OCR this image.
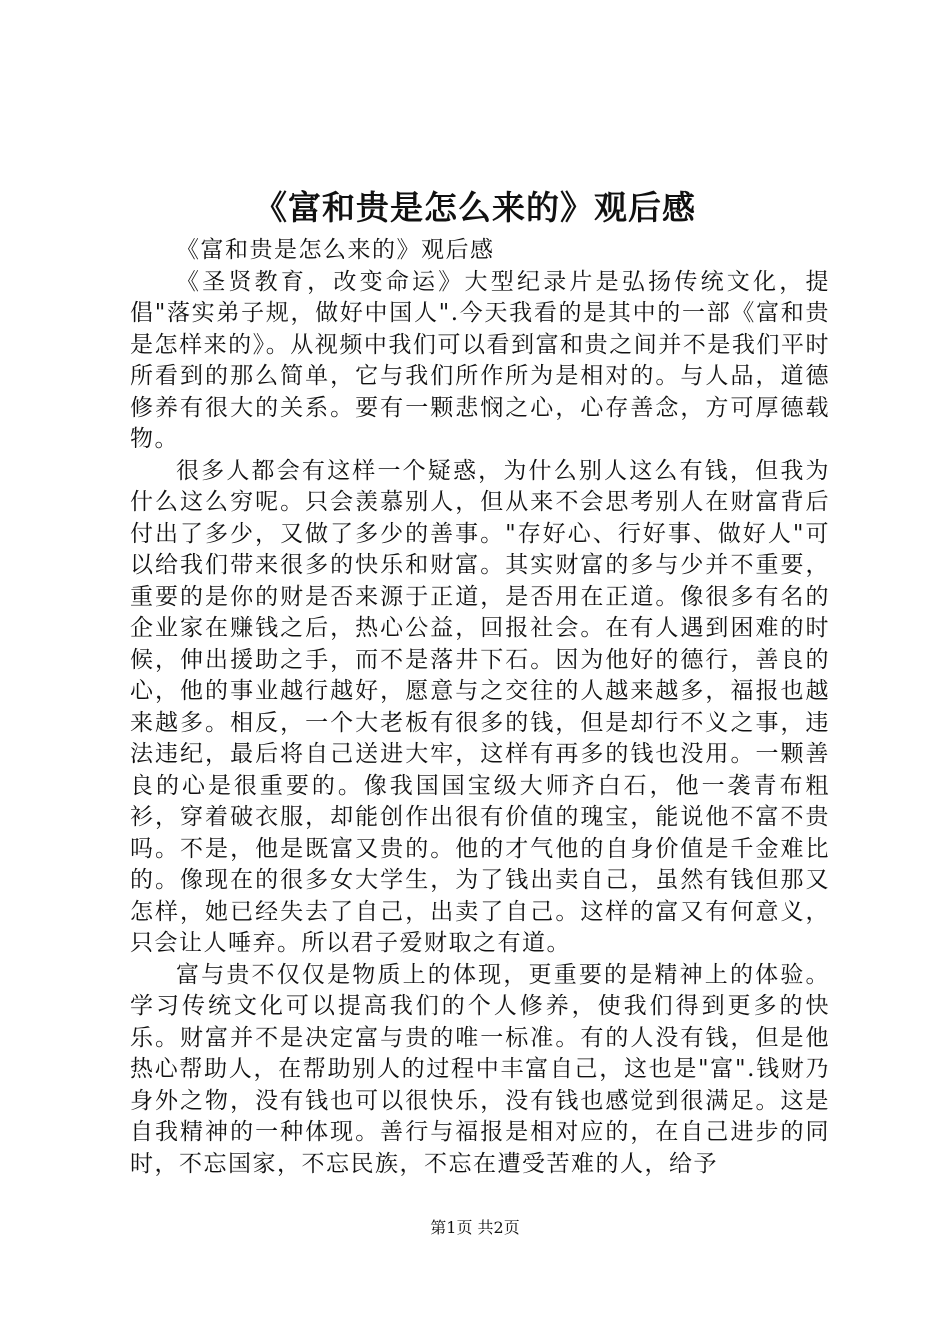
《富和贵是怎么来的》观后感

《富和贵是怎么来的》观后感

《圣贤教育，改变命运》大型纪录片是弘扬传统文化，提倡"落实弟子规，做好中国人".今天我看的是其中的一部《富和贵是怎样来的》。从视频中我们可以看到富和贵之间并不是我们平时所看到的那么简单，它与我们所作所为是相对的。与人品，道德修养有很大的关系。要有一颗悲悯之心，心存善念，方可厚德载物。

很多人都会有这样一个疑惑，为什么别人这么有钱，但我为什么这么穷呢。只会羡慕别人，但从来不会思考别人在财富背后付出了多少，又做了多少的善事。"存好心、行好事、做好人"可以给我们带来很多的快乐和财富。其实财富的多与少并不重要，重要的是你的财是否来源于正道，是否用在正道。像很多有名的企业家在赚钱之后，热心公益，回报社会。在有人遇到困难的时候，伸出援助之手，而不是落井下石。因为他好的德行，善良的心，他的事业越行越好，愿意与之交往的人越来越多，福报也越来越多。相反，一个大老板有很多的钱，但是却行不义之事，违法违纪，最后将自己送进大牢，这样有再多的钱也没用。一颗善良的心是很重要的。像我国国宝级大师齐白石，他一袭青布粗衫，穿着破衣服，却能创作出很有价值的瑰宝，能说他不富不贵吗。不是，他是既富又贵的。他的才气他的自身价值是千金难比的。像现在的很多女大学生，为了钱出卖自己，虽然有钱但那又怎样，她已经失去了自己，出卖了自己。这样的富又有何意义，只会让人唾弃。所以君子爱财取之有道。

富与贵不仅仅是物质上的体现，更重要的是精神上的体验。学习传统文化可以提高我们的个人修养，使我们得到更多的快乐。财富并不是决定富与贵的唯一标准。有的人没有钱，但是他热心帮助人，在帮助别人的过程中丰富自己，这也是"富".钱财乃身外之物，没有钱也可以很快乐，没有钱也感觉到很满足。这是自我精神的一种体现。善行与福报是相对应的，在自己进步的同时，不忘国家，不忘民族，不忘在遭受苦难的人，给予

第1页 共2页
